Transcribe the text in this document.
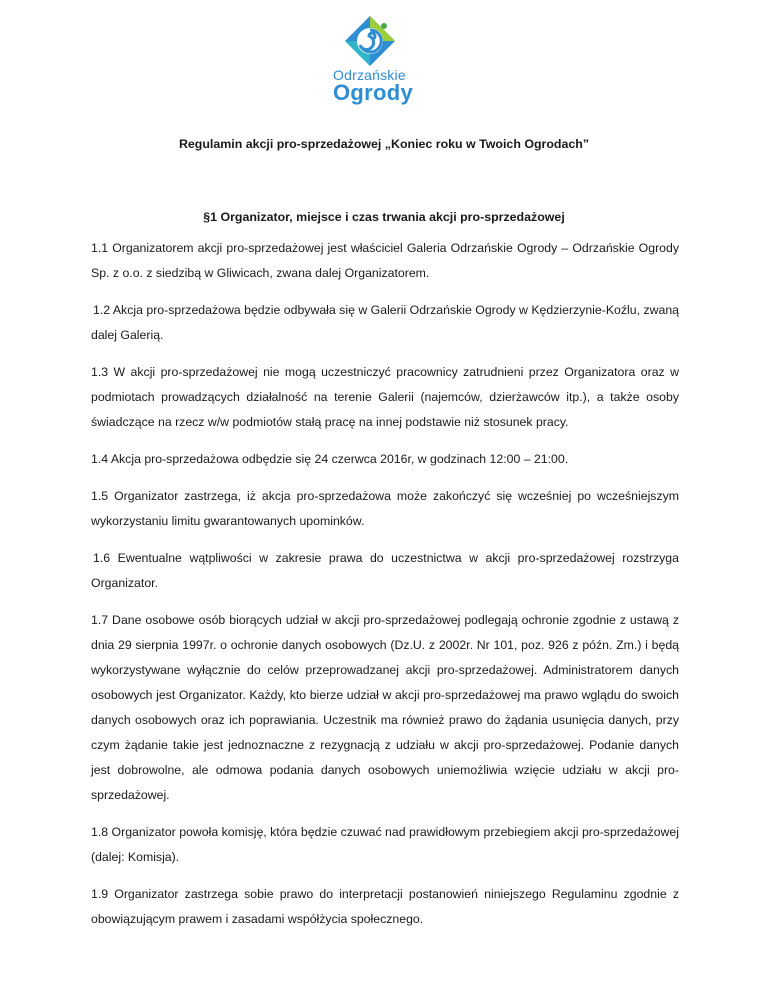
Odrzańskie
Ogrody
Regulamin akcji pro-sprzedażowej „Koniec roku w Twoich Ogrodach”
§1 Organizator, miejsce i czas trwania akcji pro-sprzedażowej

1.1 Organizatorem akcji pro-sprzedażowej jest właściciel Galeria Odrzańskie Ogrody – Odrzańskie Ogrody Sp. z o.o. z siedzibą w Gliwicach, zwana dalej Organizatorem.

1.2 Akcja pro-sprzedażowa będzie odbywała się w Galerii Odrzańskie Ogrody w Kędzierzynie-Koźlu, zwaną dalej Galerią.

1.3 W akcji pro-sprzedażowej nie mogą uczestniczyć pracownicy zatrudnieni przez Organizatora oraz w podmiotach prowadzących działalność na terenie Galerii (najemców, dzierżawców itp.), a także osoby świadczące na rzecz w/w podmiotów stałą pracę na innej podstawie niż stosunek pracy.

1.4 Akcja pro-sprzedażowa odbędzie się 24 czerwca 2016r, w godzinach 12:00 – 21:00.

1.5 Organizator zastrzega, iż akcja pro-sprzedażowa może zakończyć się wcześniej po wcześniejszym wykorzystaniu limitu gwarantowanych upominków.

1.6 Ewentualne wątpliwości w zakresie prawa do uczestnictwa w akcji pro-sprzedażowej rozstrzyga Organizator.

1.7 Dane osobowe osób biorących udział w akcji pro-sprzedażowej podlegają ochronie zgodnie z ustawą z dnia 29 sierpnia 1997r. o ochronie danych osobowych (Dz.U. z 2002r. Nr 101, poz. 926 z późn. Zm.) i będą wykorzystywane wyłącznie do celów przeprowadzanej akcji pro-sprzedażowej. Administratorem danych osobowych jest Organizator. Każdy, kto bierze udział w akcji pro-sprzedażowej ma prawo wglądu do swoich danych osobowych oraz ich poprawiania. Uczestnik ma również prawo do żądania usunięcia danych, przy czym żądanie takie jest jednoznaczne z rezygnacją z udziału w akcji pro-sprzedażowej. Podanie danych jest dobrowolne, ale odmowa podania danych osobowych uniemożliwia wzięcie udziału w akcji pro-sprzedażowej.

1.8 Organizator powoła komisję, która będzie czuwać nad prawidłowym przebiegiem akcji pro-sprzedażowej (dalej: Komisja).

1.9 Organizator zastrzega sobie prawo do interpretacji postanowień niniejszego Regulaminu zgodnie z obowiązującym prawem i zasadami współżycia społecznego.
